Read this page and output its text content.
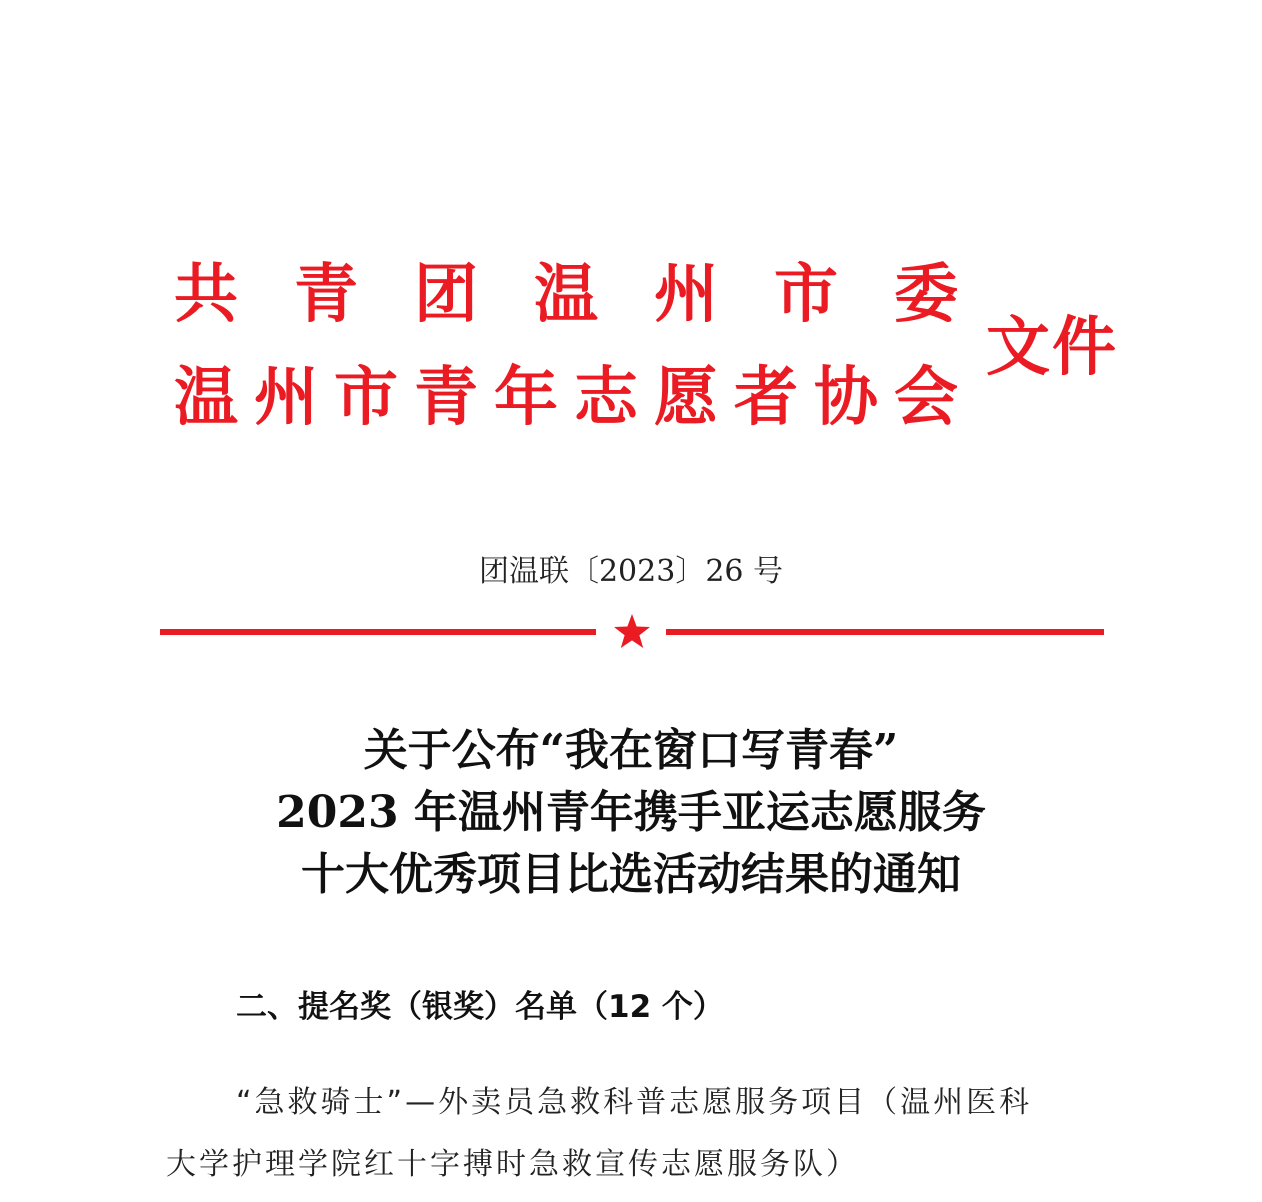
共 青 团 温 州 市 委
温 州 市 青 年 志 愿 者 协 会
文件
团温联〔2023〕26 号
关于公布“我在窗口写青春”
2023 年温州青年携手亚运志愿服务
十大优秀项目比选活动结果的通知
二、提名奖（银奖）名单（12 个）
“急救骑士”—外卖员急救科普志愿服务项目（温州医科
大学护理学院红十字搏时急救宣传志愿服务队）
